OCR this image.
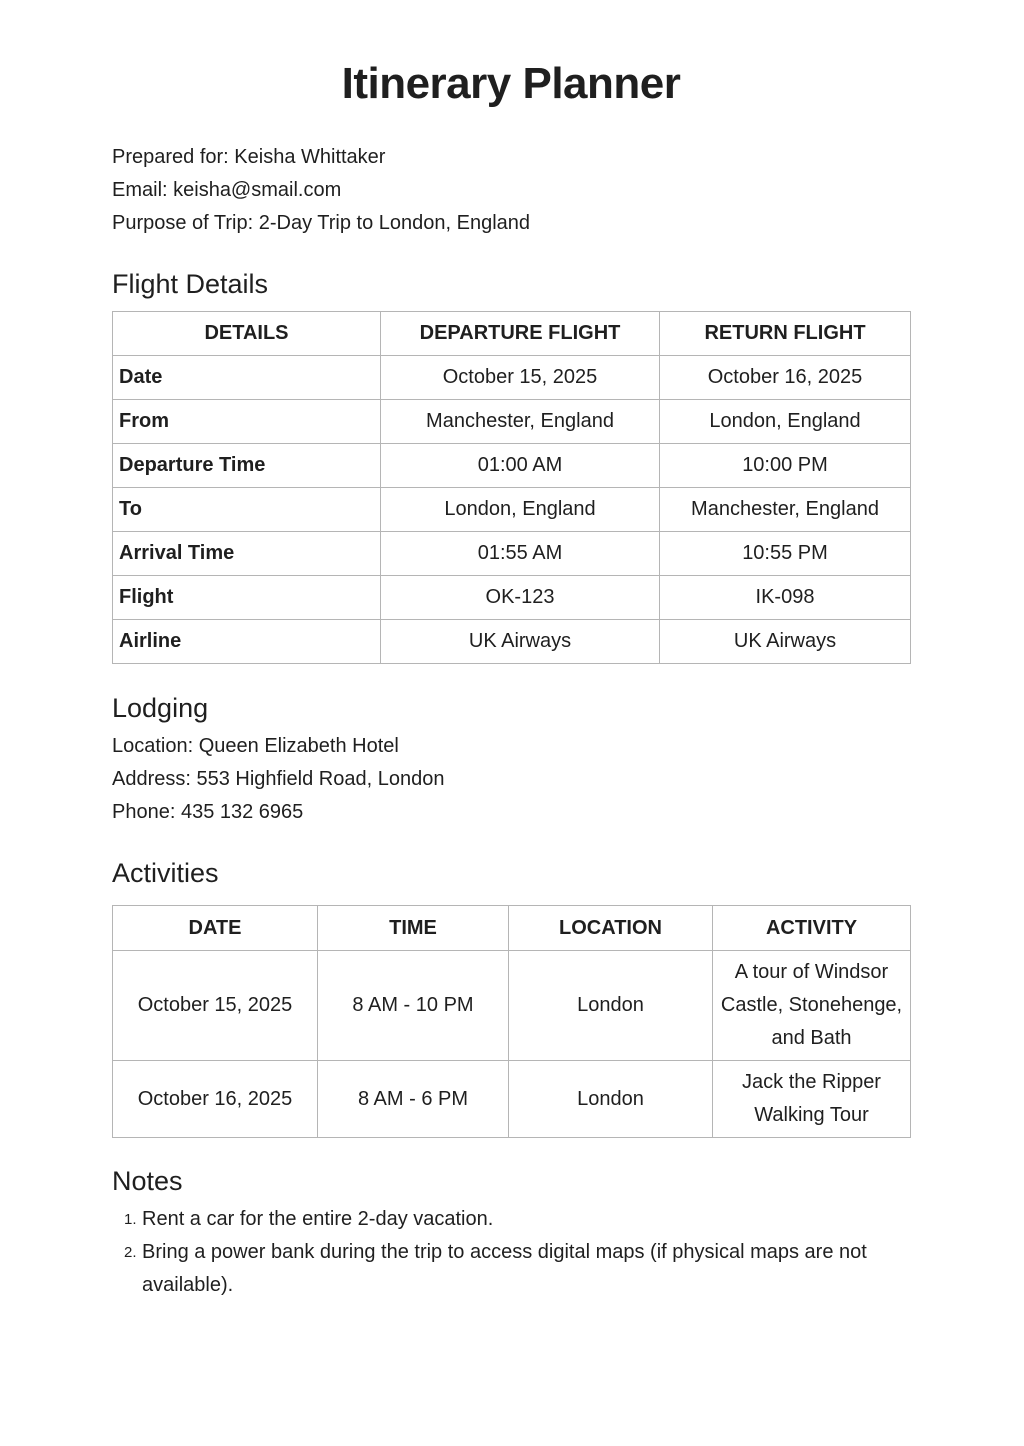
Itinerary Planner
Prepared for: Keisha Whittaker
Email: keisha@smail.com
Purpose of Trip: 2-Day Trip to London, England
Flight Details
DETAILS	DEPARTURE FLIGHT	RETURN FLIGHT
Date	October 15, 2025	October 16, 2025
From	Manchester, England	London, England
Departure Time	01:00 AM	10:00 PM
To	London, England	Manchester, England
Arrival Time	01:55 AM	10:55 PM
Flight	OK-123	IK-098
Airline	UK Airways	UK Airways
Lodging
Location: Queen Elizabeth Hotel
Address: 553 Highfield Road, London
Phone: 435 132 6965
Activities
DATE	TIME	LOCATION	ACTIVITY
October 15, 2025	8 AM - 10 PM	London	A tour of Windsor Castle, Stonehenge, and Bath
October 16, 2025	8 AM - 6 PM	London	Jack the Ripper Walking Tour
Notes
1. Rent a car for the entire 2-day vacation.
2. Bring a power bank during the trip to access digital maps (if physical maps are not available).
